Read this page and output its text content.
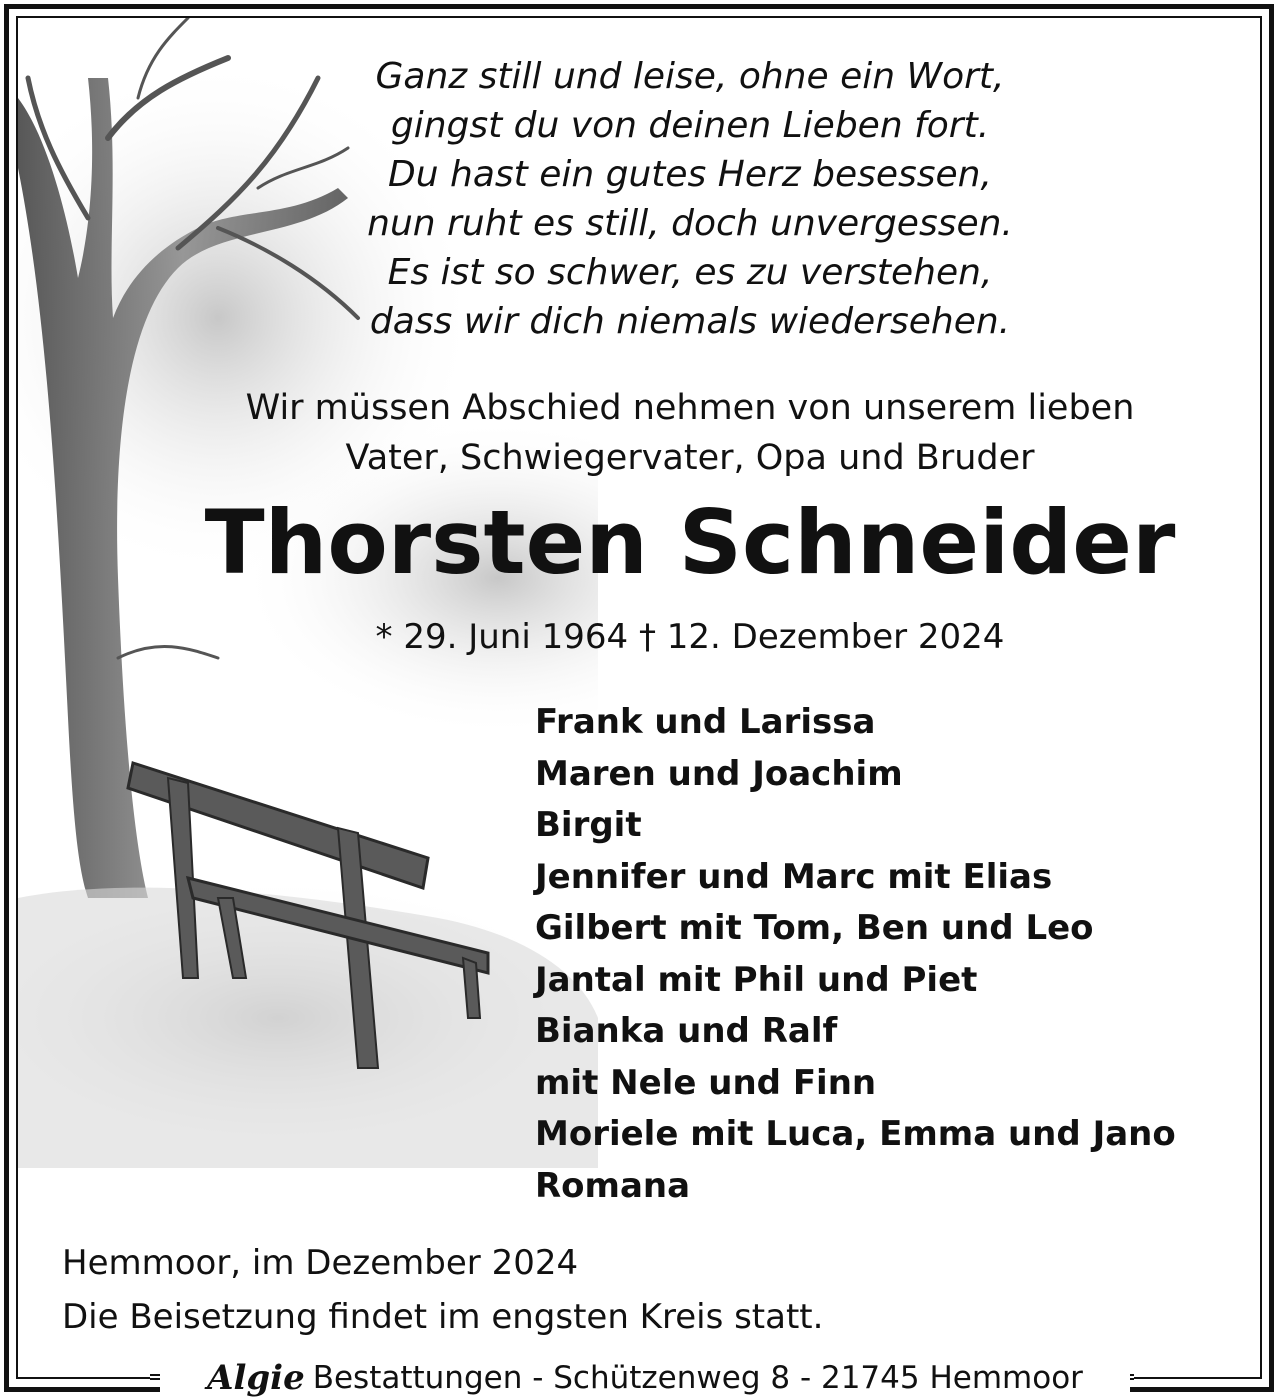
Ganz still und leise, ohne ein Wort,
gingst du von deinen Lieben fort.
Du hast ein gutes Herz besessen,
nun ruht es still, doch unvergessen.
Es ist so schwer, es zu verstehen,
dass wir dich niemals wiedersehen.
Wir müssen Abschied nehmen von unserem lieben
Vater, Schwiegervater, Opa und Bruder
Thorsten Schneider
* 29. Juni 1964 † 12. Dezember 2024
Frank und Larissa
Maren und Joachim
Birgit
Jennifer und Marc mit Elias
Gilbert mit Tom, Ben und Leo
Jantal mit Phil und Piet
Bianka und Ralf
mit Nele und Finn
Moriele mit Luca, Emma und Jano
Romana
Hemmoor, im Dezember 2024
Die Beisetzung findet im engsten Kreis statt.
Algie Bestattungen - Schützenweg 8 - 21745 Hemmoor
